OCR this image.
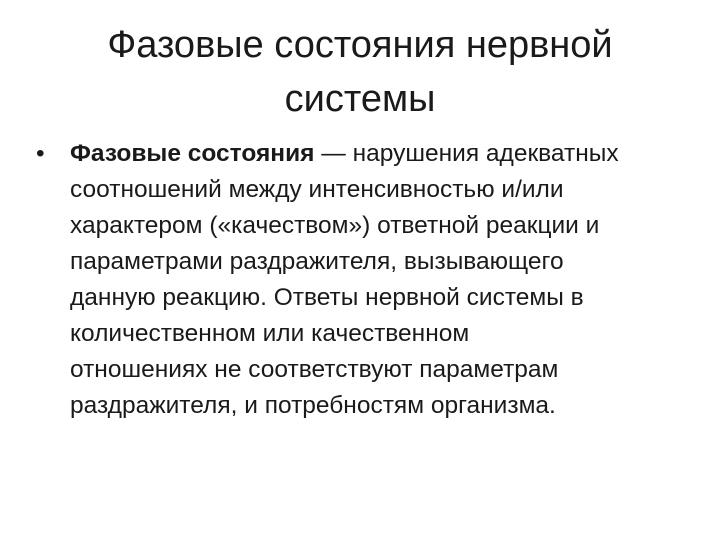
Фазовые состояния нервной
системы
• Фазовые состояния — нарушения адекватных
соотношений между интенсивностью и/или
характером («качеством») ответной реакции и
параметрами раздражителя, вызывающего
данную реакцию. Ответы нервной системы в
количественном или качественном
отношениях не соответствуют параметрам
раздражителя, и потребностям организма.
